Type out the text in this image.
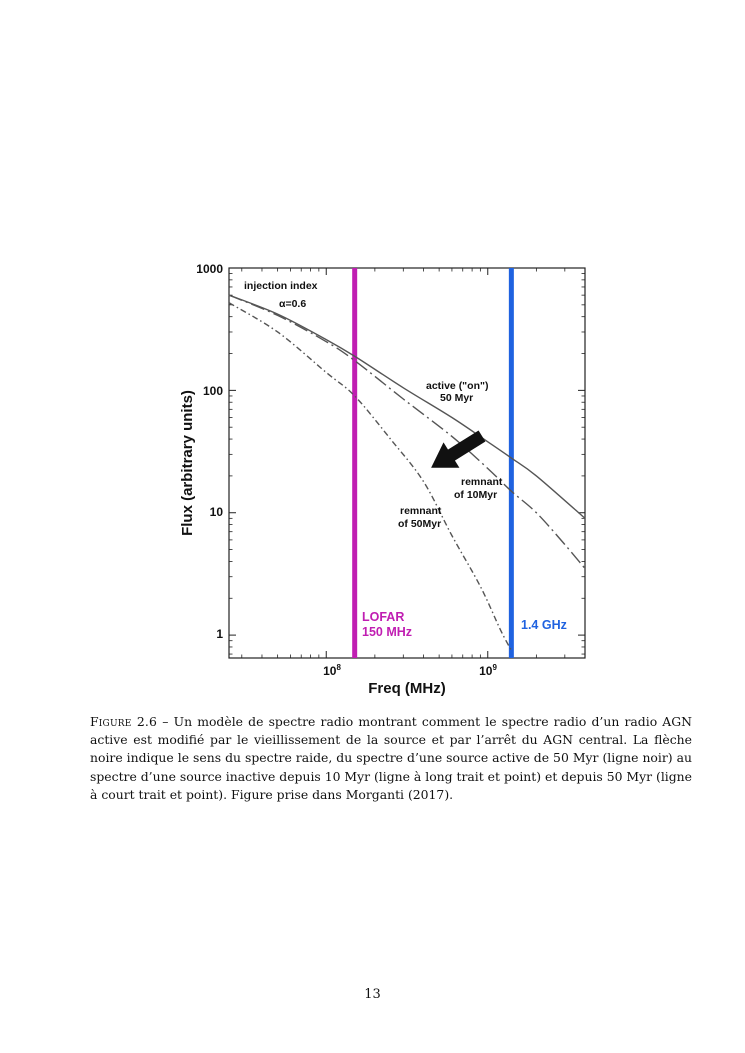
1000
100
10
1
$10^8$	$10^9$
Freq (MHz)
Flux (arbitrary units)
injection index
α=0.6
active ("on")
50 Myr
remnant
of 10Myr
remnant
of 50Myr
LOFAR
150 MHz	1.4 GHz
Figure 2.6 – Un modèle de spectre radio montrant comment le spectre radio d’un radio AGN active est modifié par le vieillissement de la source et par l’arrêt du AGN central. La flèche noire indique le sens du spectre raide, du spectre d’une source active de 50 Myr (ligne noir) au spectre d’une source inactive depuis 10 Myr (ligne à long trait et point) et depuis 50 Myr (ligne à court trait et point). Figure prise dans Morganti (2017).
13
